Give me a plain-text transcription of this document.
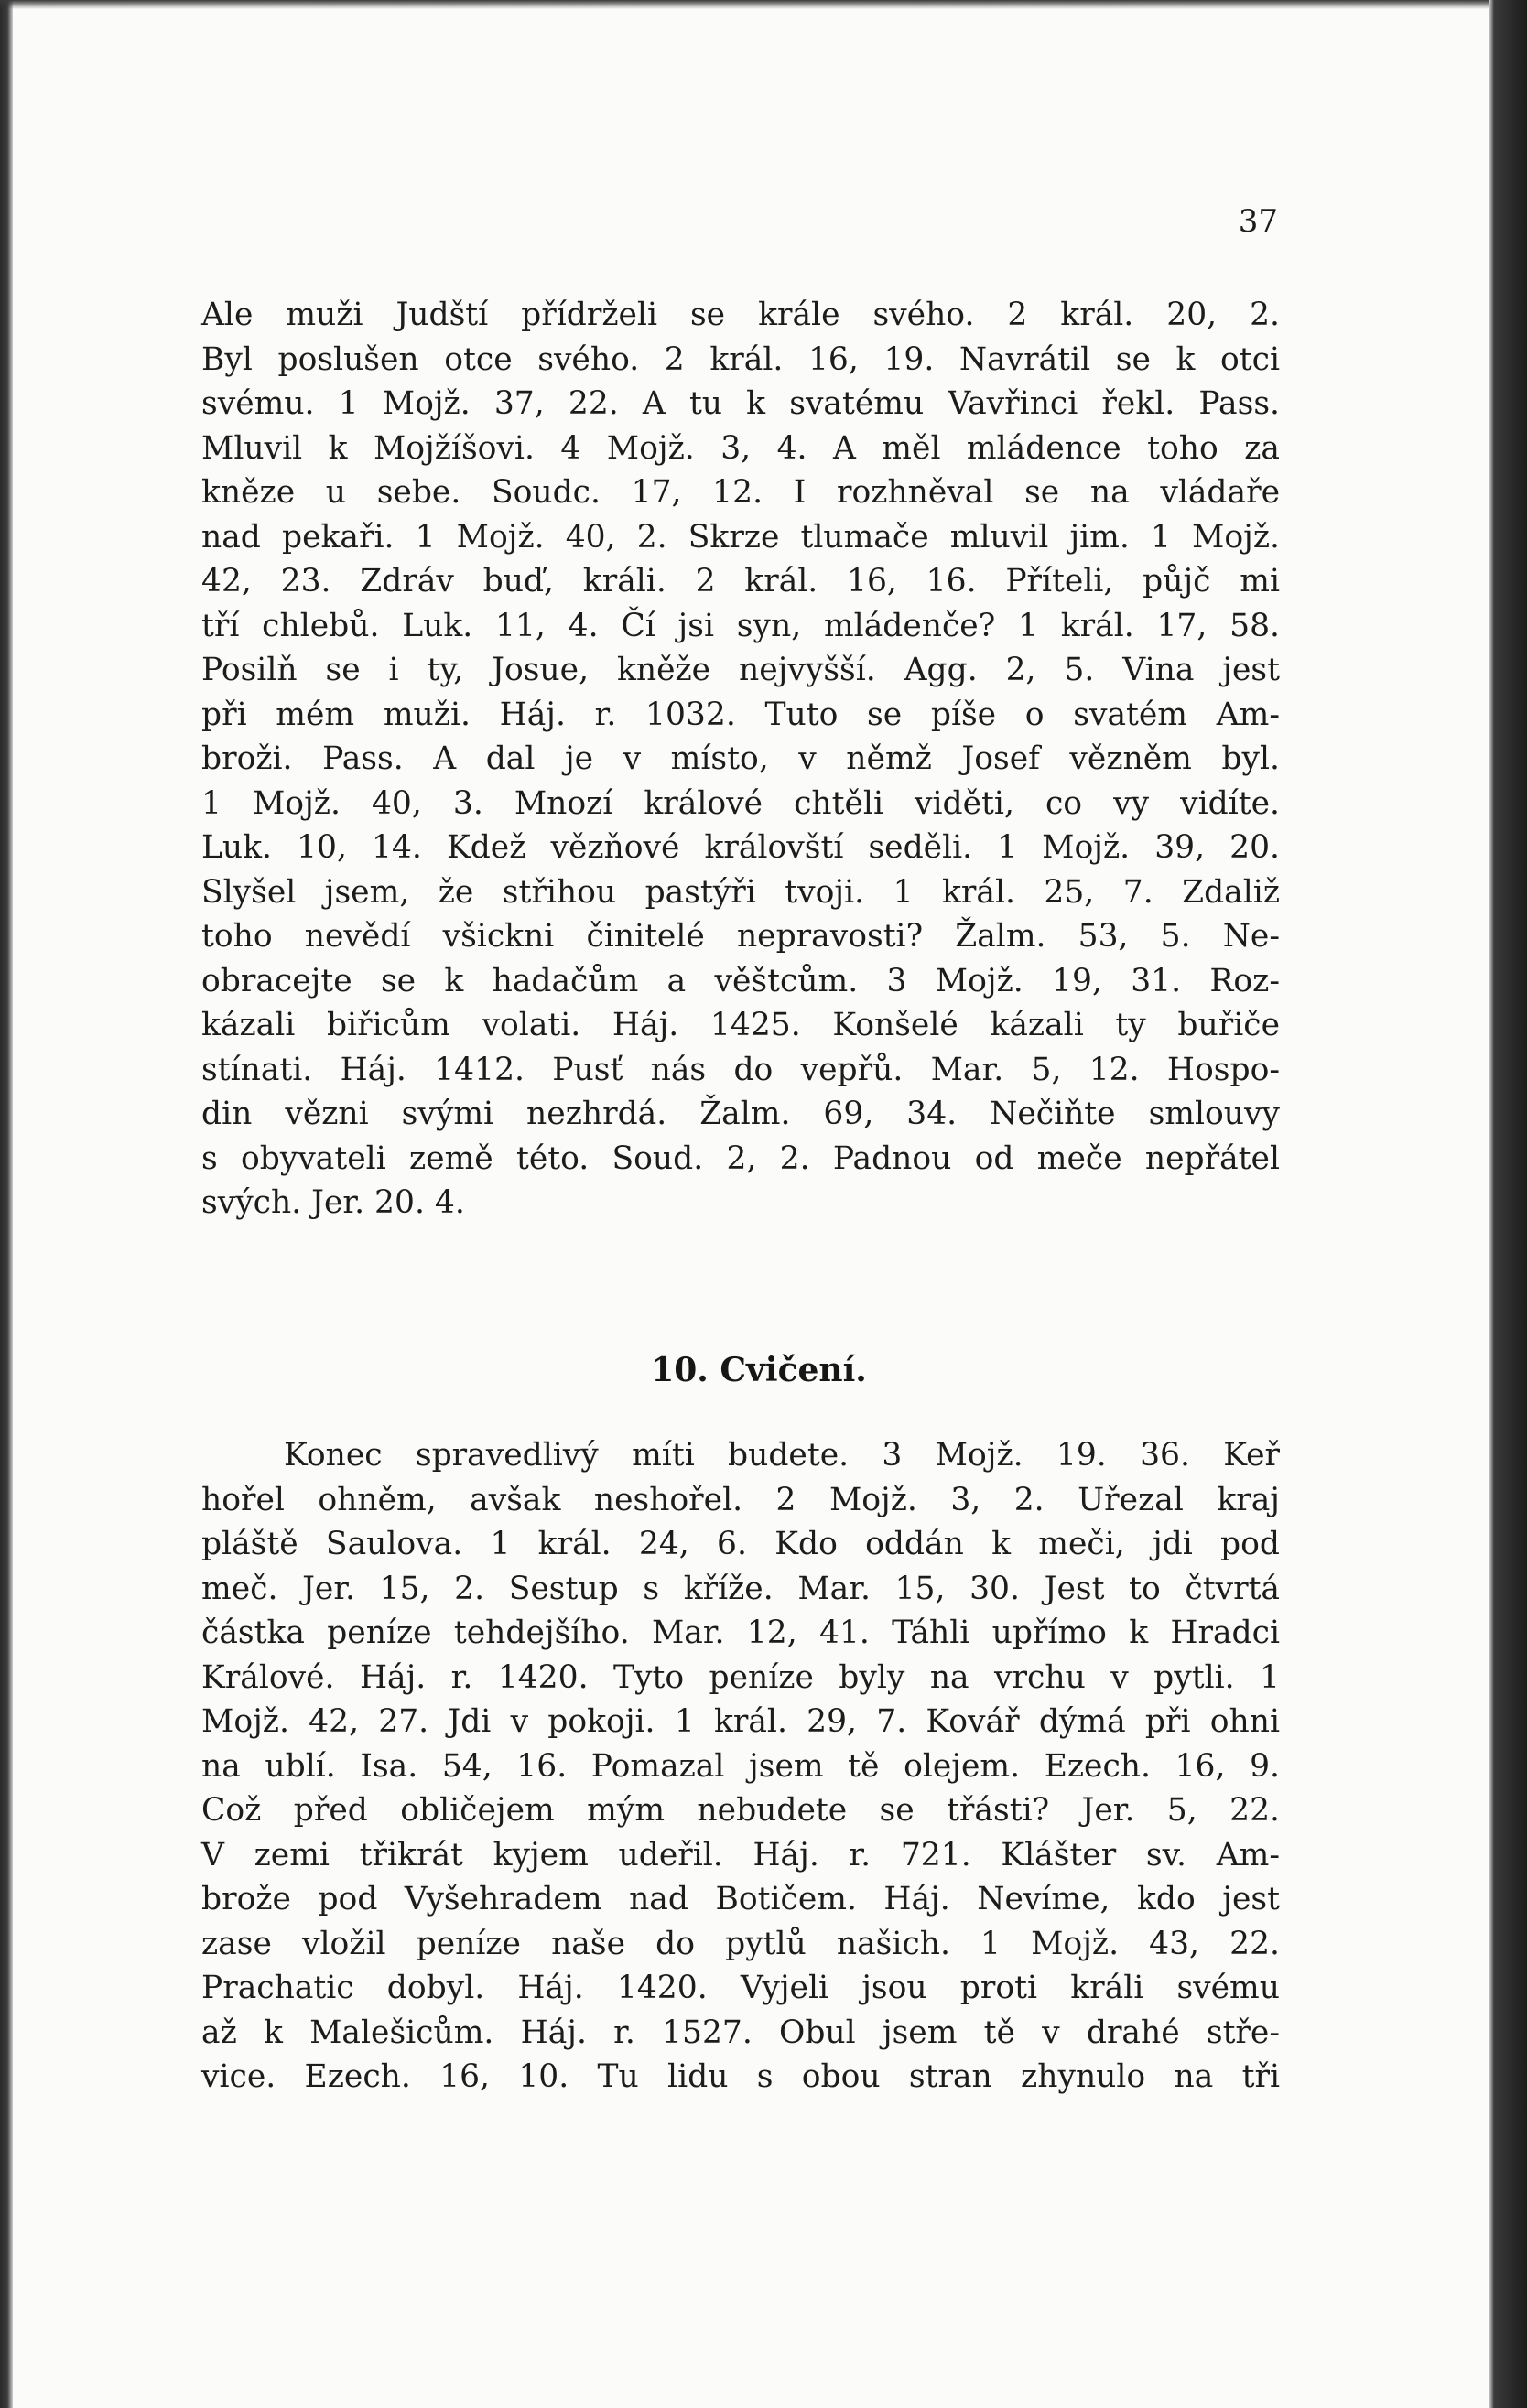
37

Ale muži Judští přídrželi se krále svého. 2 král. 20, 2.
Byl poslušen otce svého. 2 král. 16, 19. Navrátil se k otci
svému. 1 Mojž. 37, 22. A tu k svatému Vavřinci řekl. Pass.
Mluvil k Mojžíšovi. 4 Mojž. 3, 4. A měl mládence toho za
kněze u sebe. Soudc. 17, 12. I rozhněval se na vládaře
nad pekaři. 1 Mojž. 40, 2. Skrze tlumače mluvil jim. 1 Mojž.
42, 23. Zdráv buď, králi. 2 král. 16, 16. Příteli, půjč mi
tří chlebů. Luk. 11, 4. Čí jsi syn, mládenče? 1 král. 17, 58.
Posilň se i ty, Josue, kněže nejvyšší. Agg. 2, 5. Vina jest
při mém muži. Háj. r. 1032. Tuto se píše o svatém Am-
broži. Pass. A dal je v místo, v němž Josef vězněm byl.
1 Mojž. 40, 3. Mnozí králové chtěli viděti, co vy vidíte.
Luk. 10, 14. Kdež vězňové královští seděli. 1 Mojž. 39, 20.
Slyšel jsem, že střihou pastýři tvoji. 1 král. 25, 7. Zdaliž
toho nevědí všickni činitelé nepravosti? Žalm. 53, 5. Ne-
obracejte se k hadačům a věštcům. 3 Mojž. 19, 31. Roz-
kázali biřicům volati. Háj. 1425. Konšelé kázali ty buřiče
stínati. Háj. 1412. Pusť nás do vepřů. Mar. 5, 12. Hospo-
din vězni svými nezhrdá. Žalm. 69, 34. Nečiňte smlouvy
s obyvateli země této. Soud. 2, 2. Padnou od meče nepřátel
svých. Jer. 20. 4.
10. Cvičení.
Konec spravedlivý míti budete. 3 Mojž. 19. 36. Keř
hořel ohněm, avšak neshořel. 2 Mojž. 3, 2. Uřezal kraj
pláště Saulova. 1 král. 24, 6. Kdo oddán k meči, jdi pod
meč. Jer. 15, 2. Sestup s kříže. Mar. 15, 30. Jest to čtvrtá
částka peníze tehdejšího. Mar. 12, 41. Táhli upřímo k Hradci
Králové. Háj. r. 1420. Tyto peníze byly na vrchu v pytli. 1
Mojž. 42, 27. Jdi v pokoji. 1 král. 29, 7. Kovář dýmá při ohni
na ublí. Isa. 54, 16. Pomazal jsem tě olejem. Ezech. 16, 9.
Což před obličejem mým nebudete se třásti? Jer. 5, 22.
V zemi třikrát kyjem udeřil. Háj. r. 721. Klášter sv. Am-
brože pod Vyšehradem nad Botičem. Háj. Nevíme, kdo jest
zase vložil peníze naše do pytlů našich. 1 Mojž. 43, 22.
Prachatic dobyl. Háj. 1420. Vyjeli jsou proti králi svému
až k Malešicům. Háj. r. 1527. Obul jsem tě v drahé stře-
vice. Ezech. 16, 10. Tu lidu s obou stran zhynulo na tři
